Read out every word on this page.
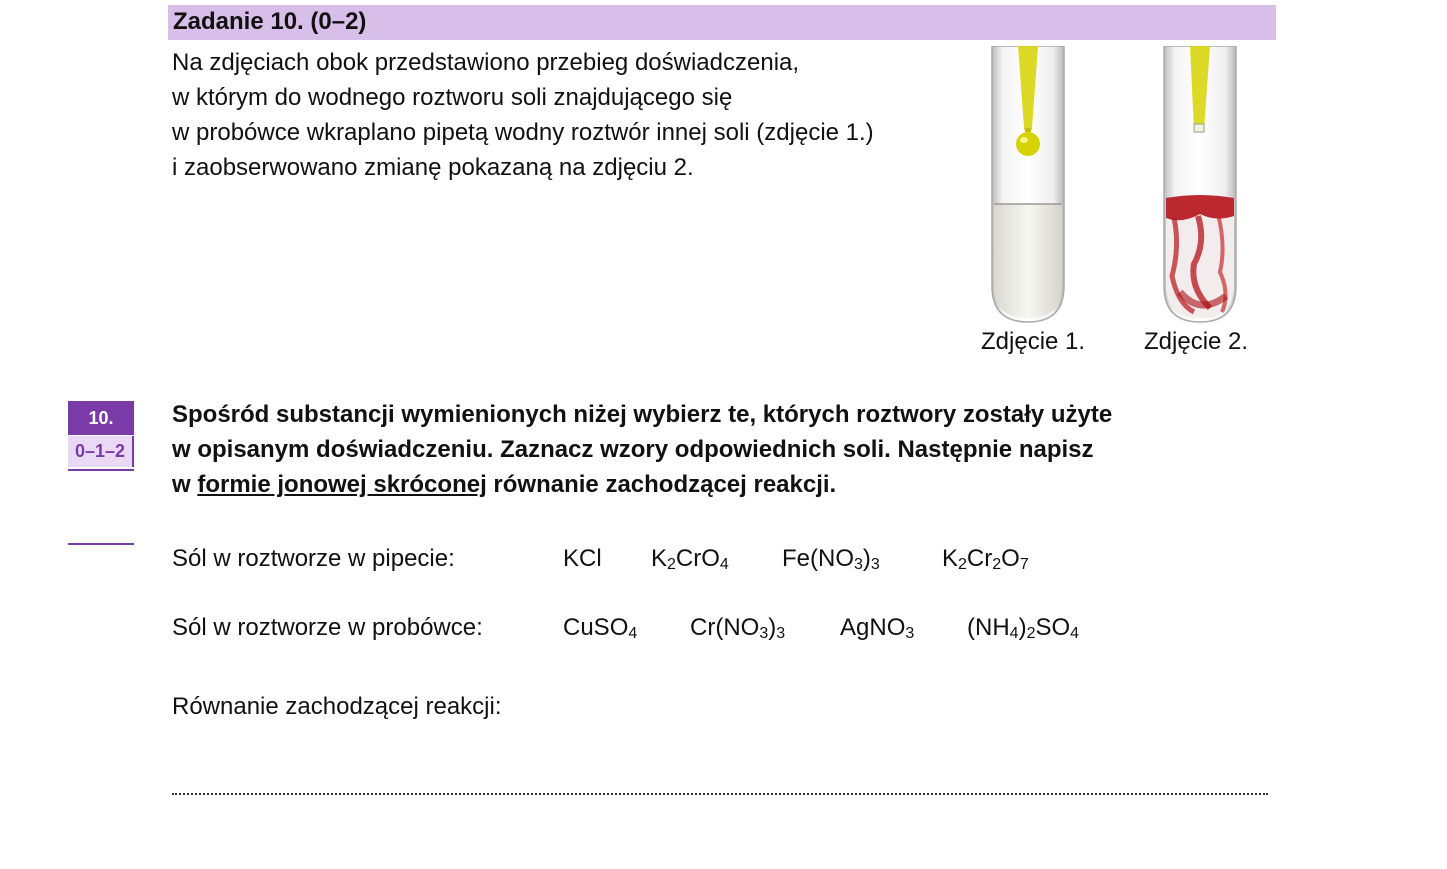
Zadanie 10. (0–2)
Na zdjęciach obok przedstawiono przebieg doświadczenia,
w którym do wodnego roztworu soli znajdującego się
w probówce wkraplano pipetą wodny roztwór innej soli (zdjęcie 1.)
i zaobserwowano zmianę pokazaną na zdjęciu 2.
Zdjęcie 1. Zdjęcie 2.
10.
0–1–2
Spośród substancji wymienionych niżej wybierz te, których roztwory zostały użyte
w opisanym doświadczeniu. Zaznacz wzory odpowiednich soli. Następnie napisz
w formie jonowej skróconej równanie zachodzącej reakcji.
Sól w roztworze w pipecie:	KCl $K_2CrO_4$ $Fe(NO_3)_3$	$K_2Cr_2O_7$
Sól w roztworze w probówce:	CuSO$_4$ $Cr(NO_3)_3$ AgNO$_3$ $(NH_4)_2SO_4$
Równanie zachodzącej reakcji:
